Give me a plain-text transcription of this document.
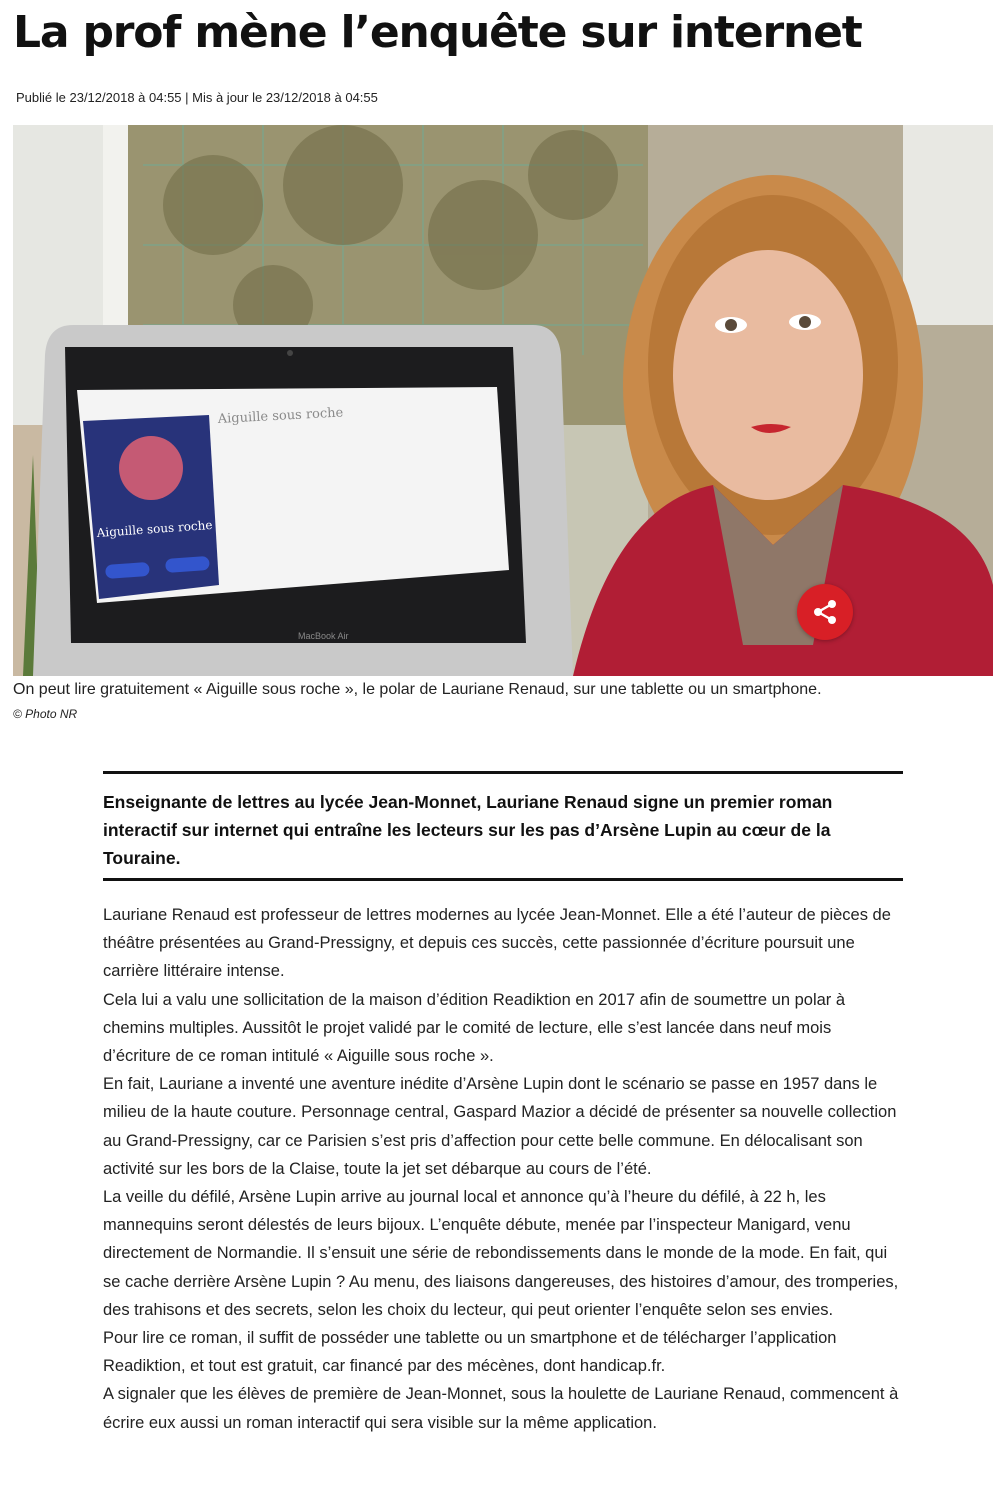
La prof mène l’enquête sur internet
Publié le 23/12/2018 à 04:55 | Mis à jour le 23/12/2018 à 04:55
Aiguille sous roche
Aiguille sous roche
MacBook Air
On peut lire gratuitement « Aiguille sous roche », le polar de Lauriane Renaud, sur une tablette ou un smartphone.
© Photo NR
Enseignante de lettres au lycée Jean-Monnet, Lauriane Renaud signe un premier roman interactif sur internet qui entraîne les lecteurs sur les pas d’Arsène Lupin au cœur de la Touraine.

Lauriane Renaud est professeur de lettres modernes au lycée Jean-Monnet. Elle a été l’auteur de pièces de théâtre présentées au Grand-Pressigny, et depuis ces succès, cette passionnée d’écriture poursuit une carrière littéraire intense.

Cela lui a valu une sollicitation de la maison d’édition Readiktion en 2017 afin de soumettre un polar à chemins multiples. Aussitôt le projet validé par le comité de lecture, elle s’est lancée dans neuf mois d’écriture de ce roman intitulé « Aiguille sous roche ».

En fait, Lauriane a inventé une aventure inédite d’Arsène Lupin dont le scénario se passe en 1957 dans le milieu de la haute couture. Personnage central, Gaspard Mazior a décidé de présenter sa nouvelle collection au Grand-Pressigny, car ce Parisien s’est pris d’affection pour cette belle commune. En délocalisant son activité sur les bors de la Claise, toute la jet set débarque au cours de l’été.

La veille du défilé, Arsène Lupin arrive au journal local et annonce qu’à l’heure du défilé, à 22 h, les mannequins seront délestés de leurs bijoux. L’enquête débute, menée par l’inspecteur Manigard, venu directement de Normandie. Il s’ensuit une série de rebondissements dans le monde de la mode. En fait, qui se cache derrière Arsène Lupin ? Au menu, des liaisons dangereuses, des histoires d’amour, des tromperies, des trahisons et des secrets, selon les choix du lecteur, qui peut orienter l’enquête selon ses envies.

Pour lire ce roman, il suffit de posséder une tablette ou un smartphone et de télécharger l’application Readiktion, et tout est gratuit, car financé par des mécènes, dont handicap.fr.

A signaler que les élèves de première de Jean-Monnet, sous la houlette de Lauriane Renaud, commencent à écrire eux aussi un roman interactif qui sera visible sur la même application.
